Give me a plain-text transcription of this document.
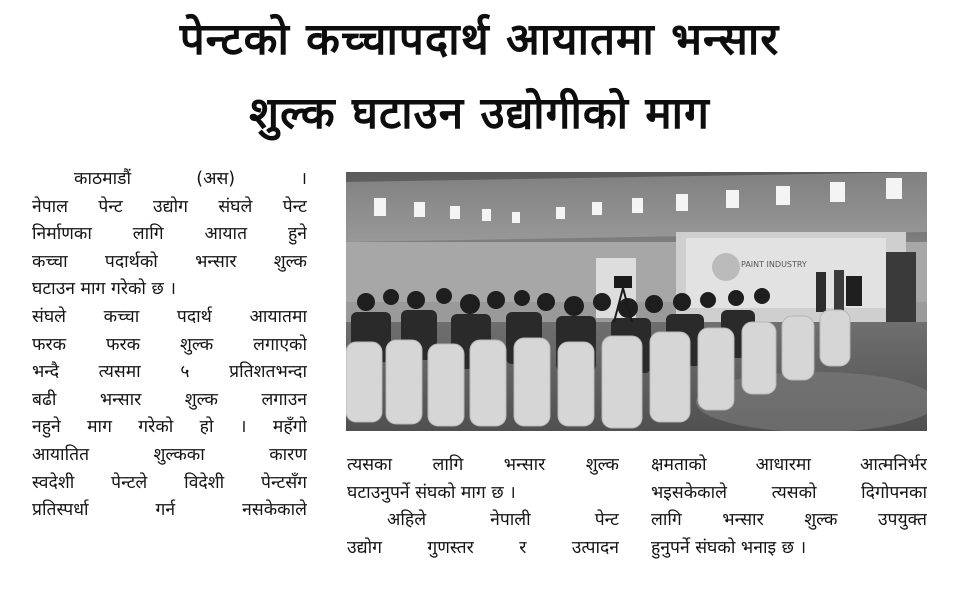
पेन्टको कच्चापदार्थ आयातमा भन्सार
शुल्क घटाउन उद्योगीको माग
काठमाडौं (अस) ।
नेपाल पेन्ट उद्योग संघले पेन्ट
निर्माणका लागि आयात हुने
कच्चा पदार्थको भन्सार शुल्क
घटाउन माग गरेको छ ।
संघले कच्चा पदार्थ आयातमा
फरक फरक शुल्क लगाएको
भन्दै त्यसमा ५ प्रतिशतभन्दा
बढी भन्सार शुल्क लगाउन
नहुने माग गरेको हो । महँगो
आयातित शुल्कका कारण
स्वदेशी पेन्टले विदेशी पेन्टसँग
प्रतिस्पर्धा गर्न नसकेकाले
PAINT INDUSTRY
त्यसका लागि भन्सार शुल्क
घटाउनुपर्ने संघको माग छ ।
अहिले नेपाली पेन्ट
उद्योग गुणस्तर र उत्पादन
क्षमताको आधारमा आत्मनिर्भर
भइसकेकाले त्यसको दिगोपनका
लागि भन्सार शुल्क उपयुक्त
हुनुपर्ने संघको भनाइ छ ।
